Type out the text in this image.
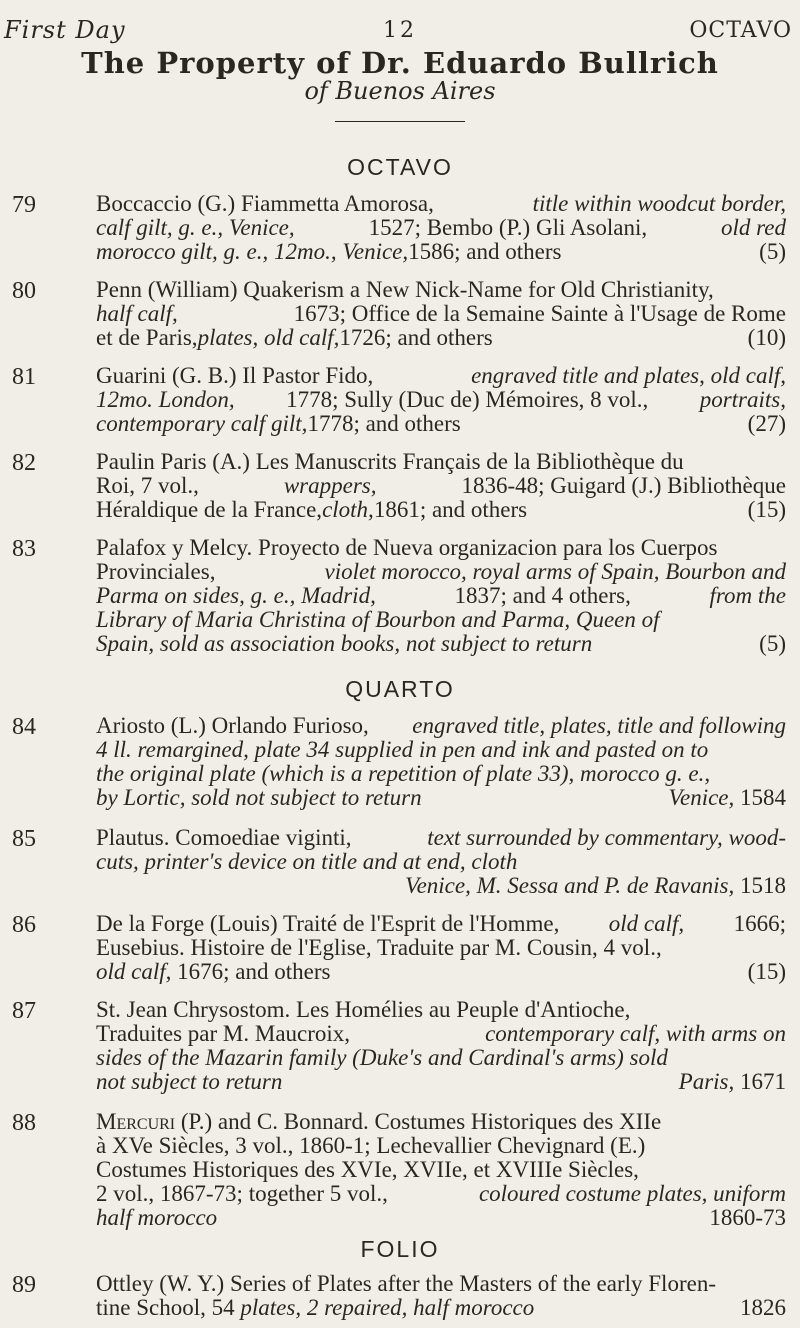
First Day	12	OCTAVO
The Property of Dr. Eduardo Bullrich
of Buenos Aires
OCTAVO
79	Boccaccio (G.) Fiammetta Amorosa,	title within woodcut border,
calf gilt, g. e., Venice,	1527; Bembo (P.) Gli Asolani,	old red
morocco gilt, g. e., 12mo., Venice, 1586; and others	(5)
80	Penn (William) Quakerism a New Nick-Name for Old Christianity,
half calf,	1673; Office de la Semaine Sainte à l'Usage de Rome
et de Paris, plates, old calf, 1726; and others	(10)
81	Guarini (G. B.) Il Pastor Fido,	engraved title and plates, old calf,
12mo. London, 1778; Sully (Duc de) Mémoires, 8 vol., portraits,
contemporary calf gilt, 1778; and others	(27)
82	Paulin Paris (A.) Les Manuscrits Français de la Bibliothèque du
Roi, 7 vol.,	wrappers,	1836-48; Guigard (J.) Bibliothèque
Héraldique de la France, cloth, 1861; and others	(15)
83	Palafox y Melcy. Proyecto de Nueva organizacion para los Cuerpos
Provinciales,	violet morocco, royal arms of Spain, Bourbon and
Parma on sides, g. e., Madrid,	1837; and 4 others,	from the
Library of Maria Christina of Bourbon and Parma, Queen of
Spain, sold as association books, not subject to return	(5)
QUARTO
84	Ariosto (L.) Orlando Furioso, engraved title, plates, title and following
4 ll. remargined, plate 34 supplied in pen and ink and pasted on to
the original plate (which is a repetition of plate 33), morocco g. e.,
by Lortic, sold not subject to return	Venice, 1584
85	Plautus. Comoediae viginti,	text surrounded by commentary, wood-
cuts, printer's device on title and at end, cloth
Venice, M. Sessa and P. de Ravanis, 1518
86	De la Forge (Louis) Traité de l'Esprit de l'Homme, old calf, 1666;
Eusebius. Histoire de l'Eglise, Traduite par M. Cousin, 4 vol.,
old calf, 1676; and others	(15)
87	St. Jean Chrysostom. Les Homélies au Peuple d'Antioche,
Traduites par M. Maucroix,	contemporary calf, with arms on
sides of the Mazarin family (Duke's and Cardinal's arms) sold
not subject to return	Paris, 1671
88	Mercuri (P.) and C. Bonnard. Costumes Historiques des XIIe
à XVe Siècles, 3 vol., 1860-1; Lechevallier Chevignard (E.)
Costumes Historiques des XVIe, XVIIe, et XVIIIe Siècles,
2 vol., 1867-73; together 5 vol.,	coloured costume plates, uniform
half morocco	1860-73
FOLIO
89	Ottley (W. Y.) Series of Plates after the Masters of the early Floren-
tine School, 54 plates, 2 repaired, half morocco	1826
